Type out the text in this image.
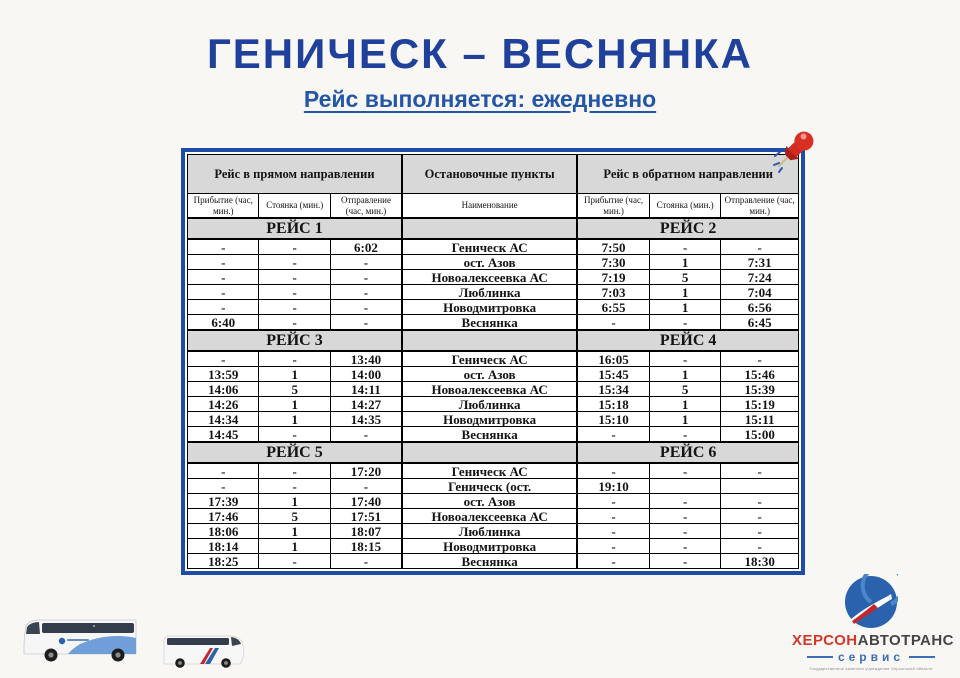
ГЕНИЧЕСК – ВЕСНЯНКА
Рейс выполняется: ежедневно
Рейс в прямом направлении			Остановочные пункты	Рейс в обратном направлении		
Прибытие (час, мин.)	Стоянка (мин.)	Отправление (час, мин.)	Наименование	Прибытие (час, мин.)	Стоянка (мин.)	Отправление (час, мин.)
РЕЙС 1				РЕЙС 2		
-	-	6:02	Геническ АС	7:50	-	-
-	-	-	ост. Азов	7:30	1	7:31
-	-	-	Новоалексеевка АС	7:19	5	7:24
-	-	-	Люблинка	7:03	1	7:04
-	-	-	Новодмитровка	6:55	1	6:56
6:40	-	-	Веснянка	-	-	6:45
РЕЙС 3				РЕЙС 4		
-	-	13:40	Геническ АС	16:05	-	-
13:59	1	14:00	ост. Азов	15:45	1	15:46
14:06	5	14:11	Новоалексеевка АС	15:34	5	15:39
14:26	1	14:27	Люблинка	15:18	1	15:19
14:34	1	14:35	Новодмитровка	15:10	1	15:11
14:45	-	-	Веснянка	-	-	15:00
РЕЙС 5				РЕЙС 6		
-	-	17:20	Геническ АС	-	-	-
-	-	-	Геническ (ост.	19:10		
17:39	1	17:40	ост. Азов	-	-	-
17:46	5	17:51	Новоалексеевка АС	-	-	-
18:06	1	18:07	Люблинка	-	-	-
18:14	1	18:15	Новодмитровка	-	-	-
18:25	-	-	Веснянка	-	-	18:30
ХЕРСОНАВТОТРАНС
сервис
Государственное казенное учреждение Херсонской области
